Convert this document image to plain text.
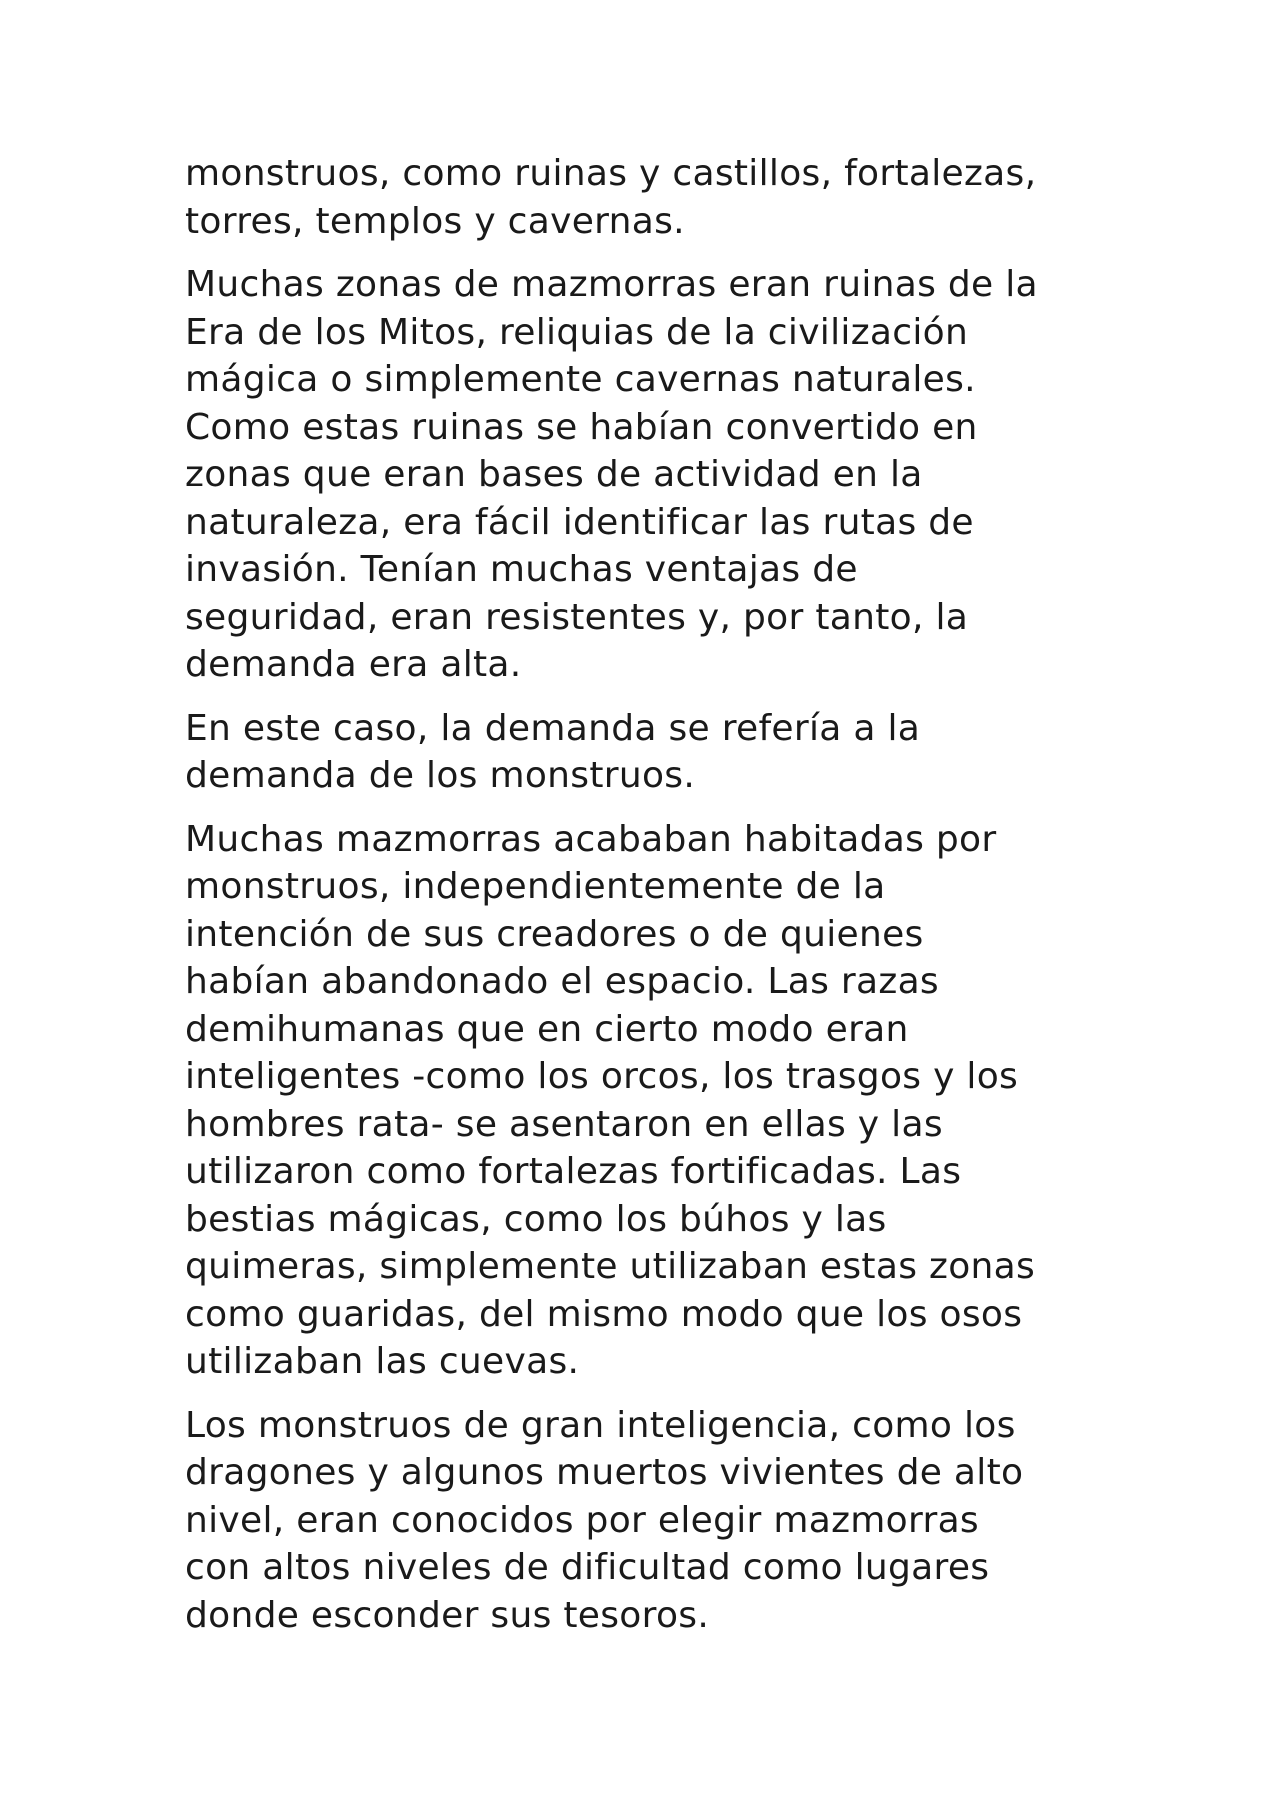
monstruos, como ruinas y castillos, fortalezas,
torres, templos y cavernas.

Muchas zonas de mazmorras eran ruinas de la
Era de los Mitos, reliquias de la civilización
mágica o simplemente cavernas naturales.
Como estas ruinas se habían convertido en
zonas que eran bases de actividad en la
naturaleza, era fácil identificar las rutas de
invasión. Tenían muchas ventajas de
seguridad, eran resistentes y, por tanto, la
demanda era alta.

En este caso, la demanda se refería a la
demanda de los monstruos.

Muchas mazmorras acababan habitadas por
monstruos, independientemente de la
intención de sus creadores o de quienes
habían abandonado el espacio. Las razas
demihumanas que en cierto modo eran
inteligentes -como los orcos, los trasgos y los
hombres rata- se asentaron en ellas y las
utilizaron como fortalezas fortificadas. Las
bestias mágicas, como los búhos y las
quimeras, simplemente utilizaban estas zonas
como guaridas, del mismo modo que los osos
utilizaban las cuevas.

Los monstruos de gran inteligencia, como los
dragones y algunos muertos vivientes de alto
nivel, eran conocidos por elegir mazmorras
con altos niveles de dificultad como lugares
donde esconder sus tesoros.
